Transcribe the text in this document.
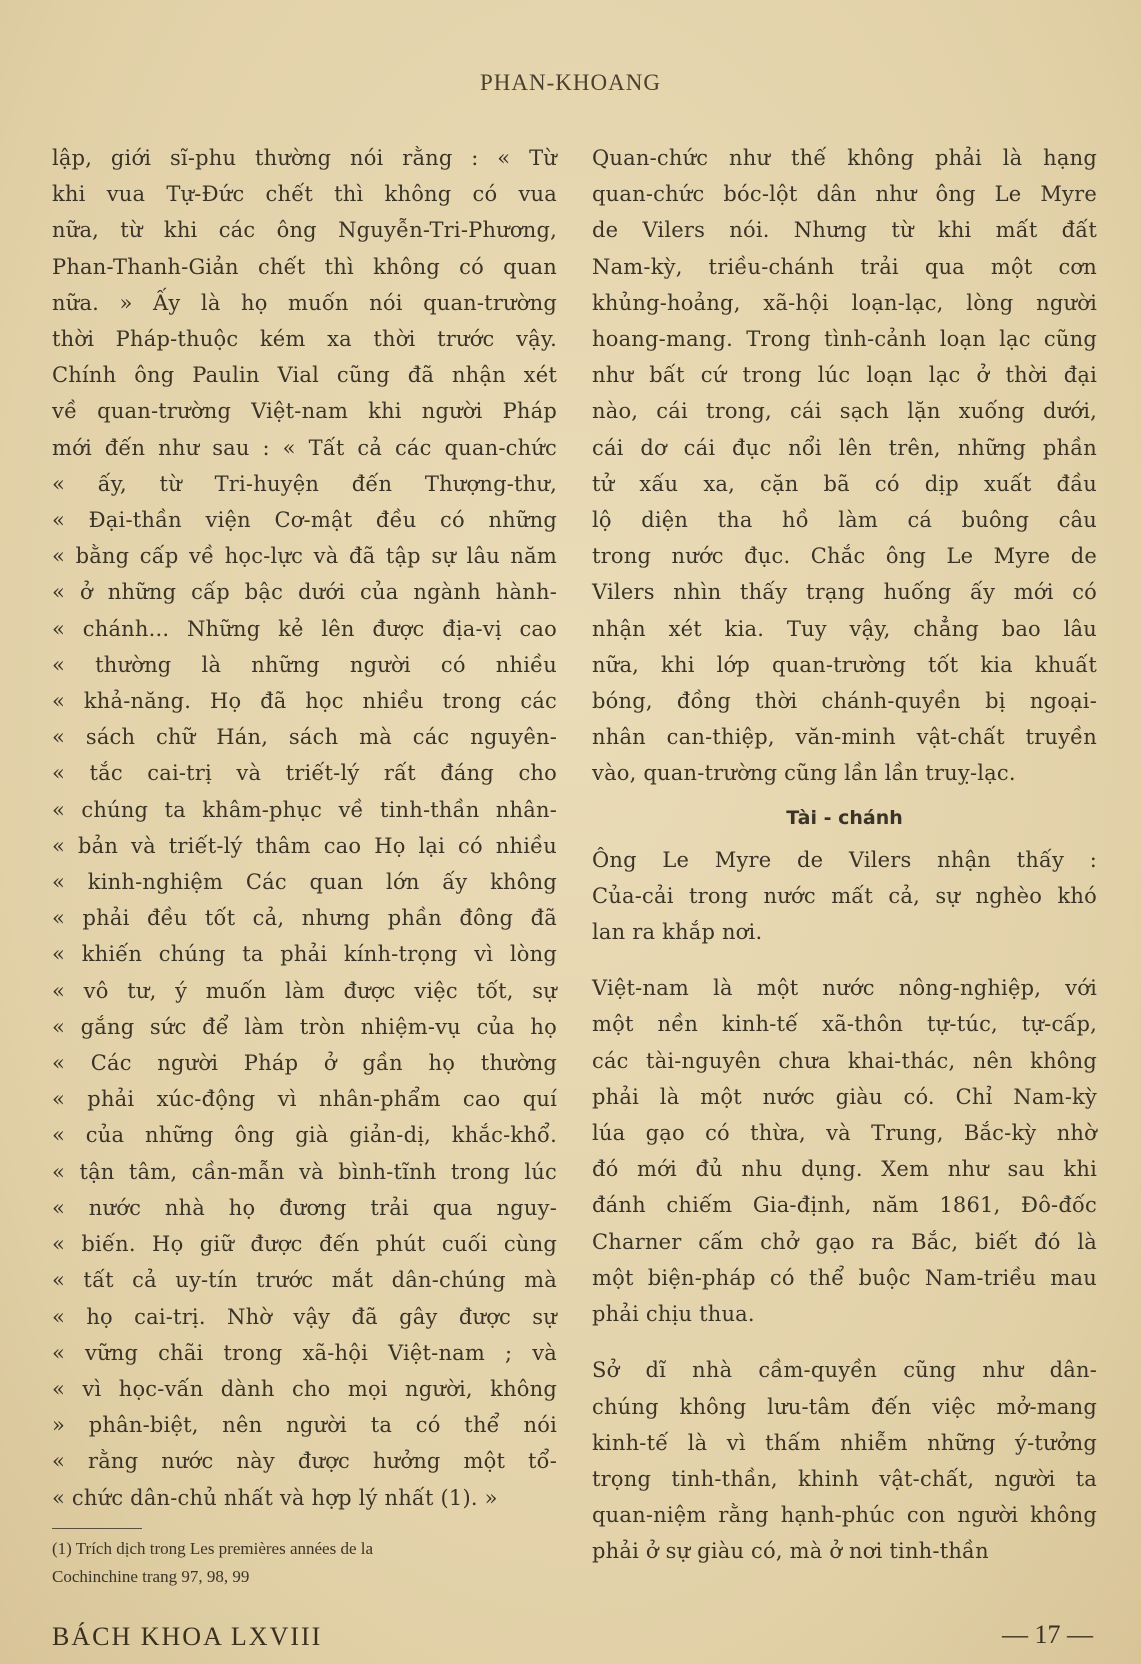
PHAN-KHOANG
lập, giới sĩ-phu thường nói rằng : « Từ
khi vua Tự-Đức chết thì không có vua
nữa, từ khi các ông Nguyễn-Tri-Phương,
Phan-Thanh-Giản chết thì không có quan
nữa. » Ấy là họ muốn nói quan-trường
thời Pháp-thuộc kém xa thời trước vậy.
Chính ông Paulin Vial cũng đã nhận xét
về quan-trường Việt-nam khi người Pháp
mới đến như sau : « Tất cả các quan-chức
« ấy, từ Tri-huyện đến Thượng-thư,
« Đại-thần viện Cơ-mật đều có những
« bằng cấp về học-lực và đã tập sự lâu năm
« ở những cấp bậc dưới của ngành hành-
« chánh... Những kẻ lên được địa-vị cao
« thường là những người có nhiều
« khả-năng. Họ đã học nhiều trong các
« sách chữ Hán, sách mà các nguyên-
« tắc cai-trị và triết-lý rất đáng cho
« chúng ta khâm-phục về tinh-thần nhân-
« bản và triết-lý thâm cao Họ lại có nhiều
« kinh-nghiệm Các quan lớn ấy không
« phải đều tốt cả, nhưng phần đông đã
« khiến chúng ta phải kính-trọng vì lòng
« vô tư, ý muốn làm được việc tốt, sự
« gắng sức để làm tròn nhiệm-vụ của họ
« Các người Pháp ở gần họ thường
« phải xúc-động vì nhân-phẩm cao quí
« của những ông già giản-dị, khắc-khổ.
« tận tâm, cần-mẫn và bình-tĩnh trong lúc
« nước nhà họ đương trải qua nguy-
« biến. Họ giữ được đến phút cuối cùng
« tất cả uy-tín trước mắt dân-chúng mà
« họ cai-trị. Nhờ vậy đã gây được sự
« vững chãi trong xã-hội Việt-nam ; và
« vì học-vấn dành cho mọi người, không
» phân-biệt, nên người ta có thể nói
« rằng nước này được hưởng một tổ-
« chức dân-chủ nhất và hợp lý nhất (1). »
Quan-chức như thế không phải là hạng
quan-chức bóc-lột dân như ông Le Myre
de Vilers nói. Nhưng từ khi mất đất
Nam-kỳ, triều-chánh trải qua một cơn
khủng-hoảng, xã-hội loạn-lạc, lòng người
hoang-mang. Trong tình-cảnh loạn lạc cũng
như bất cứ trong lúc loạn lạc ở thời đại
nào, cái trong, cái sạch lặn xuống dưới,
cái dơ cái đục nổi lên trên, những phần
tử xấu xa, cặn bã có dịp xuất đầu
lộ diện tha hồ làm cá buông câu
trong nước đục. Chắc ông Le Myre de
Vilers nhìn thấy trạng huống ấy mới có
nhận xét kia. Tuy vậy, chẳng bao lâu
nữa, khi lớp quan-trường tốt kia khuất
bóng, đồng thời chánh-quyền bị ngoại-
nhân can-thiệp, văn-minh vật-chất truyền
vào, quan-trường cũng lần lần truỵ-lạc.
Tài - chánh
Ông Le Myre de Vilers nhận thấy :
Của-cải trong nước mất cả, sự nghèo khó
lan ra khắp nơi.
Việt-nam là một nước nông-nghiệp, với
một nền kinh-tế xã-thôn tự-túc, tự-cấp,
các tài-nguyên chưa khai-thác, nên không
phải là một nước giàu có. Chỉ Nam-kỳ
lúa gạo có thừa, và Trung, Bắc-kỳ nhờ
đó mới đủ nhu dụng. Xem như sau khi
đánh chiếm Gia-định, năm 1861, Đô-đốc
Charner cấm chở gạo ra Bắc, biết đó là
một biện-pháp có thể buộc Nam-triều mau
phải chịu thua.
Sở dĩ nhà cầm-quyền cũng như dân-
chúng không lưu-tâm đến việc mở-mang
kinh-tế là vì thấm nhiễm những ý-tưởng
trọng tinh-thần, khinh vật-chất, người ta
quan-niệm rằng hạnh-phúc con người không
phải ở sự giàu có, mà ở nơi tinh-thần
(1) Trích dịch trong Les premières années de la
Cochinchine trang 97, 98, 99
BÁCH KHOA LXVIII	— 17 —
